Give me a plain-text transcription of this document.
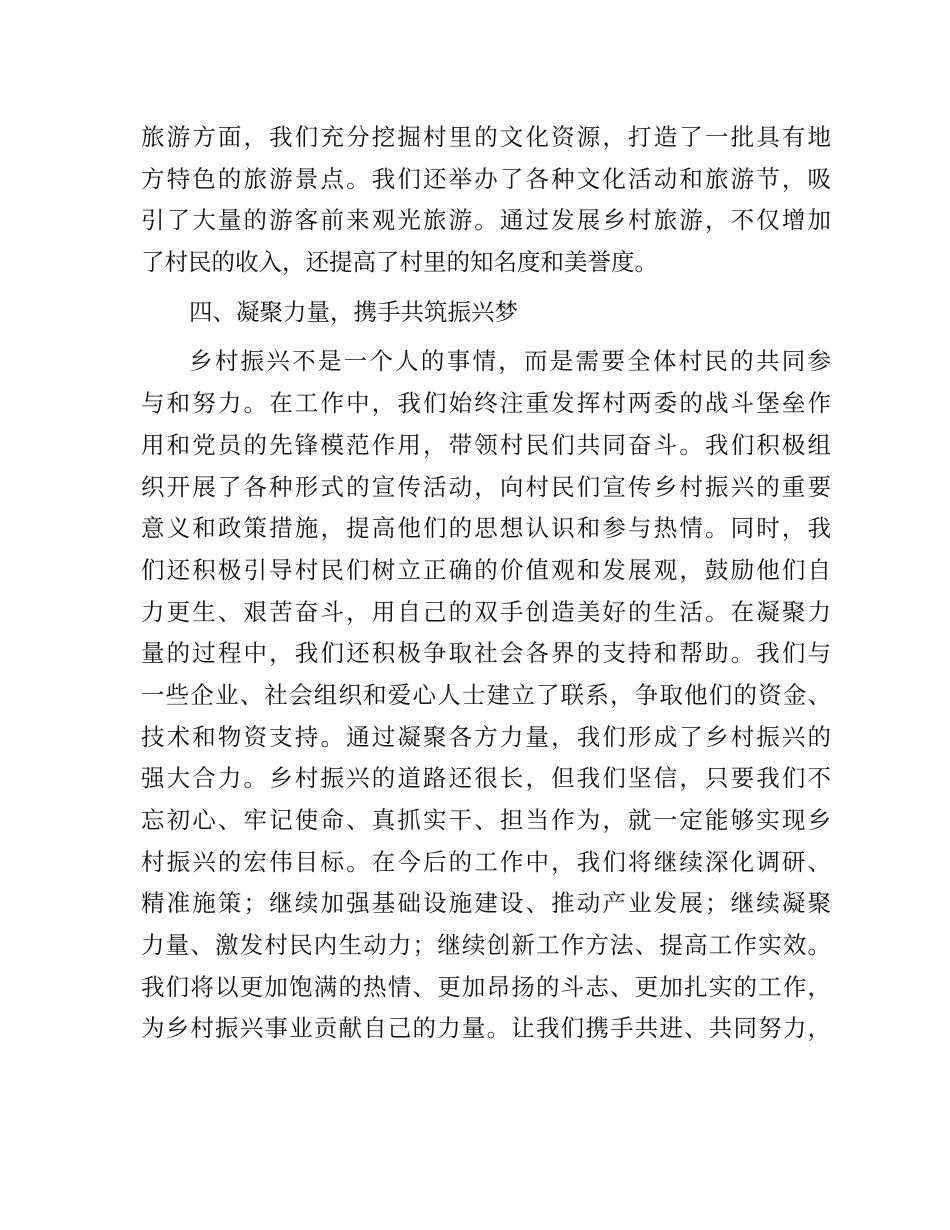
旅游方面，我们充分挖掘村里的文化资源，打造了一批具有地
方特色的旅游景点。我们还举办了各种文化活动和旅游节，吸
引了大量的游客前来观光旅游。通过发展乡村旅游，不仅增加
了村民的收入，还提高了村里的知名度和美誉度。
四、凝聚力量，携手共筑振兴梦
乡村振兴不是一个人的事情，而是需要全体村民的共同参
与和努力。在工作中，我们始终注重发挥村两委的战斗堡垒作
用和党员的先锋模范作用，带领村民们共同奋斗。我们积极组
织开展了各种形式的宣传活动，向村民们宣传乡村振兴的重要
意义和政策措施，提高他们的思想认识和参与热情。同时，我
们还积极引导村民们树立正确的价值观和发展观，鼓励他们自
力更生、艰苦奋斗，用自己的双手创造美好的生活。在凝聚力
量的过程中，我们还积极争取社会各界的支持和帮助。我们与
一些企业、社会组织和爱心人士建立了联系，争取他们的资金、
技术和物资支持。通过凝聚各方力量，我们形成了乡村振兴的
强大合力。乡村振兴的道路还很长，但我们坚信，只要我们不
忘初心、牢记使命、真抓实干、担当作为，就一定能够实现乡
村振兴的宏伟目标。在今后的工作中，我们将继续深化调研、
精准施策；继续加强基础设施建设、推动产业发展；继续凝聚
力量、激发村民内生动力；继续创新工作方法、提高工作实效。
我们将以更加饱满的热情、更加昂扬的斗志、更加扎实的工作，
为乡村振兴事业贡献自己的力量。让我们携手共进、共同努力，
